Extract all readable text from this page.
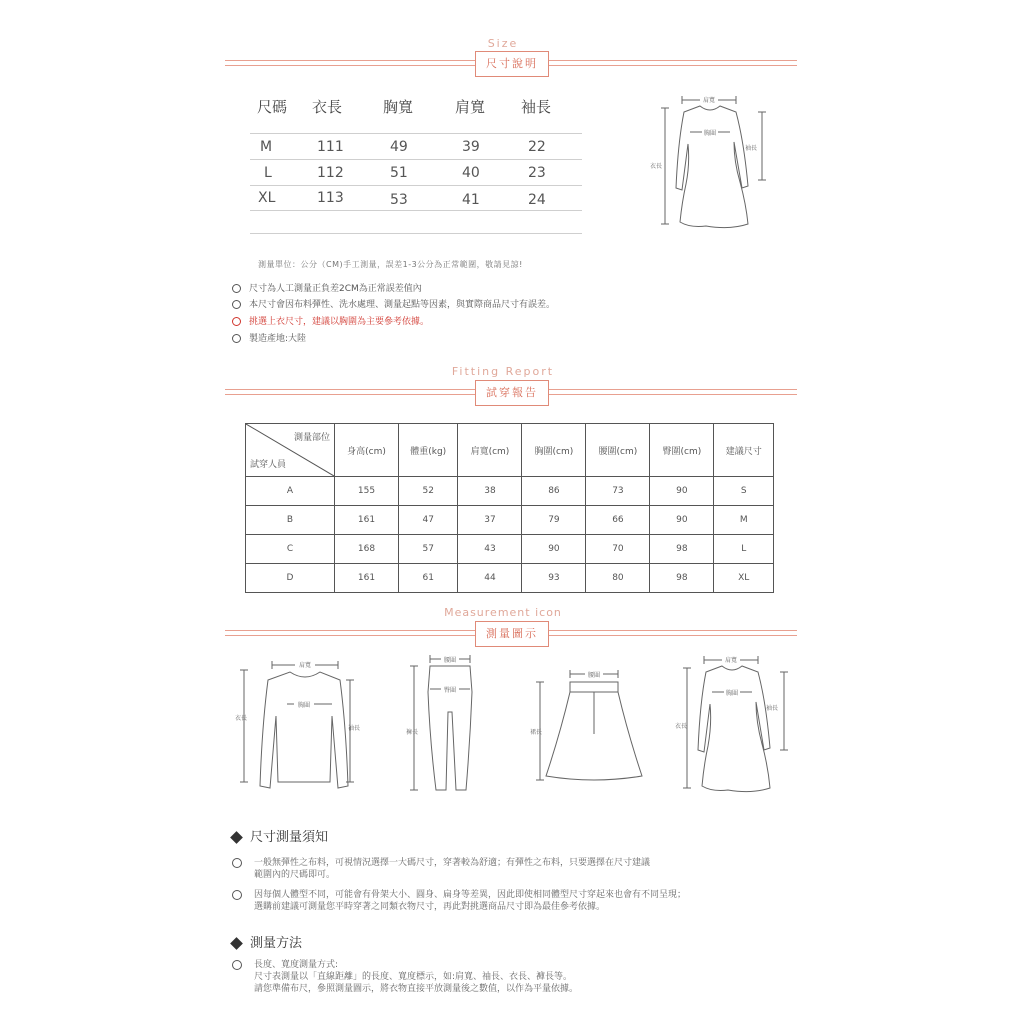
Size
尺寸說明
尺碼 衣長	胸寬	肩寬 袖長
M	111	49	39	22
L	112	51	40	23
XL	113	53	41	24
肩寬
胸圍
衣長
袖長
測量單位：公分（CM)手工測量，誤差1-3公分為正常範圍，敬請見諒!
尺寸為人工測量正負差2CM為正常誤差值內
本尺寸會因布料彈性、洗水處理、測量起點等因素，與實際商品尺寸有誤差。
挑選上衣尺寸，建議以胸圍為主要參考依據。
製造產地:大陸
Fitting Report
試穿報告
測量部位
試穿人員	身高(cm)	體重(kg)	肩寬(cm)	胸圍(cm)	腰圍(cm)	臀圍(cm)	建議尺寸
A	155	52	38	86	73	90	S
B	161	47	37	79	66	90	M
C	168	57	43	90	70	98	L
D	161	61	44	93	80	98	XL
Measurement icon
測量圖示
肩寬
胸圍
衣長
袖長
腰圍
臀圍
褲長
腰圍
裙長
肩寬
胸圍
衣長
袖長
尺寸測量須知
一般無彈性之布料，可視情況選擇一大碼尺寸，穿著較為舒適；有彈性之布料，只要選擇在尺寸建議
範圍內的尺碼即可。
因每個人體型不同，可能會有骨架大小、圓身、扁身等差異，因此即使相同體型尺寸穿起來也會有不同呈現；
選購前建議可測量您平時穿著之同類衣物尺寸，再此對挑選商品尺寸即為最佳參考依據。
測量方法
長度、寬度測量方式:
尺寸表測量以「直線距離」的長度、寬度標示，如:肩寬、袖長、衣長、褲長等。
請您準備布尺，參照測量圖示，將衣物直接平放測量後之數值，以作為平量依據。
